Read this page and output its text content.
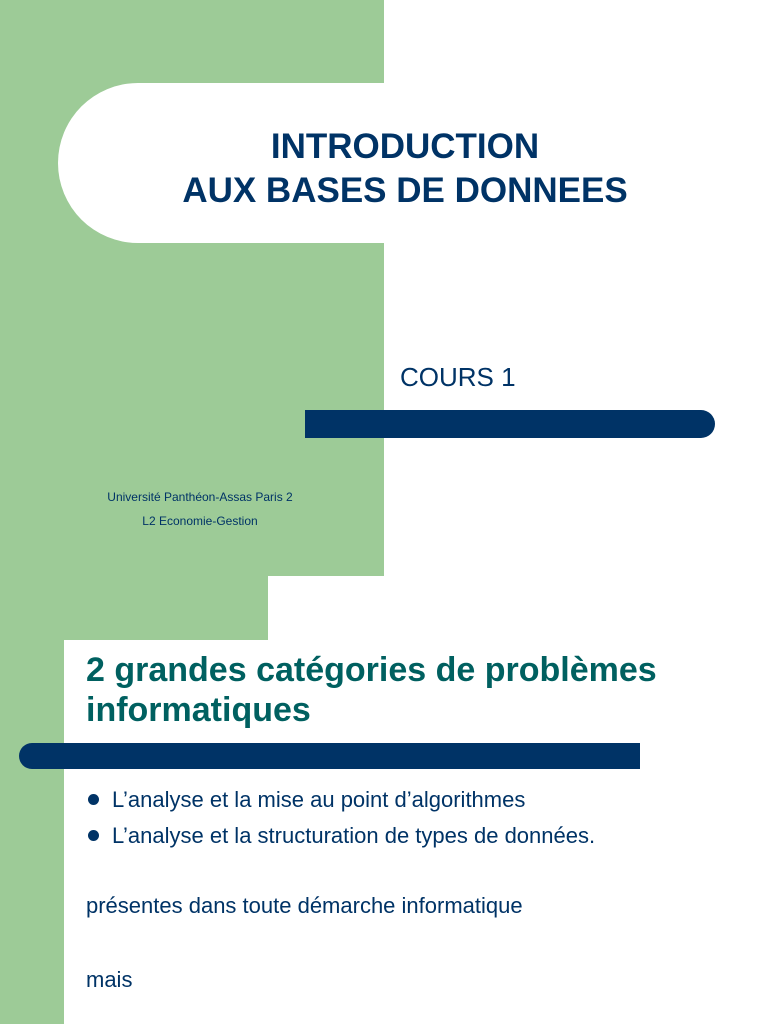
INTRODUCTION
AUX BASES DE DONNEES
COURS 1
Université Panthéon-Assas Paris 2
L2 Economie-Gestion
2 grandes catégories de problèmes
informatiques
L’analyse et la mise au point d’algorithmes
L’analyse et la structuration de types de données.
présentes dans toute démarche informatique
mais
